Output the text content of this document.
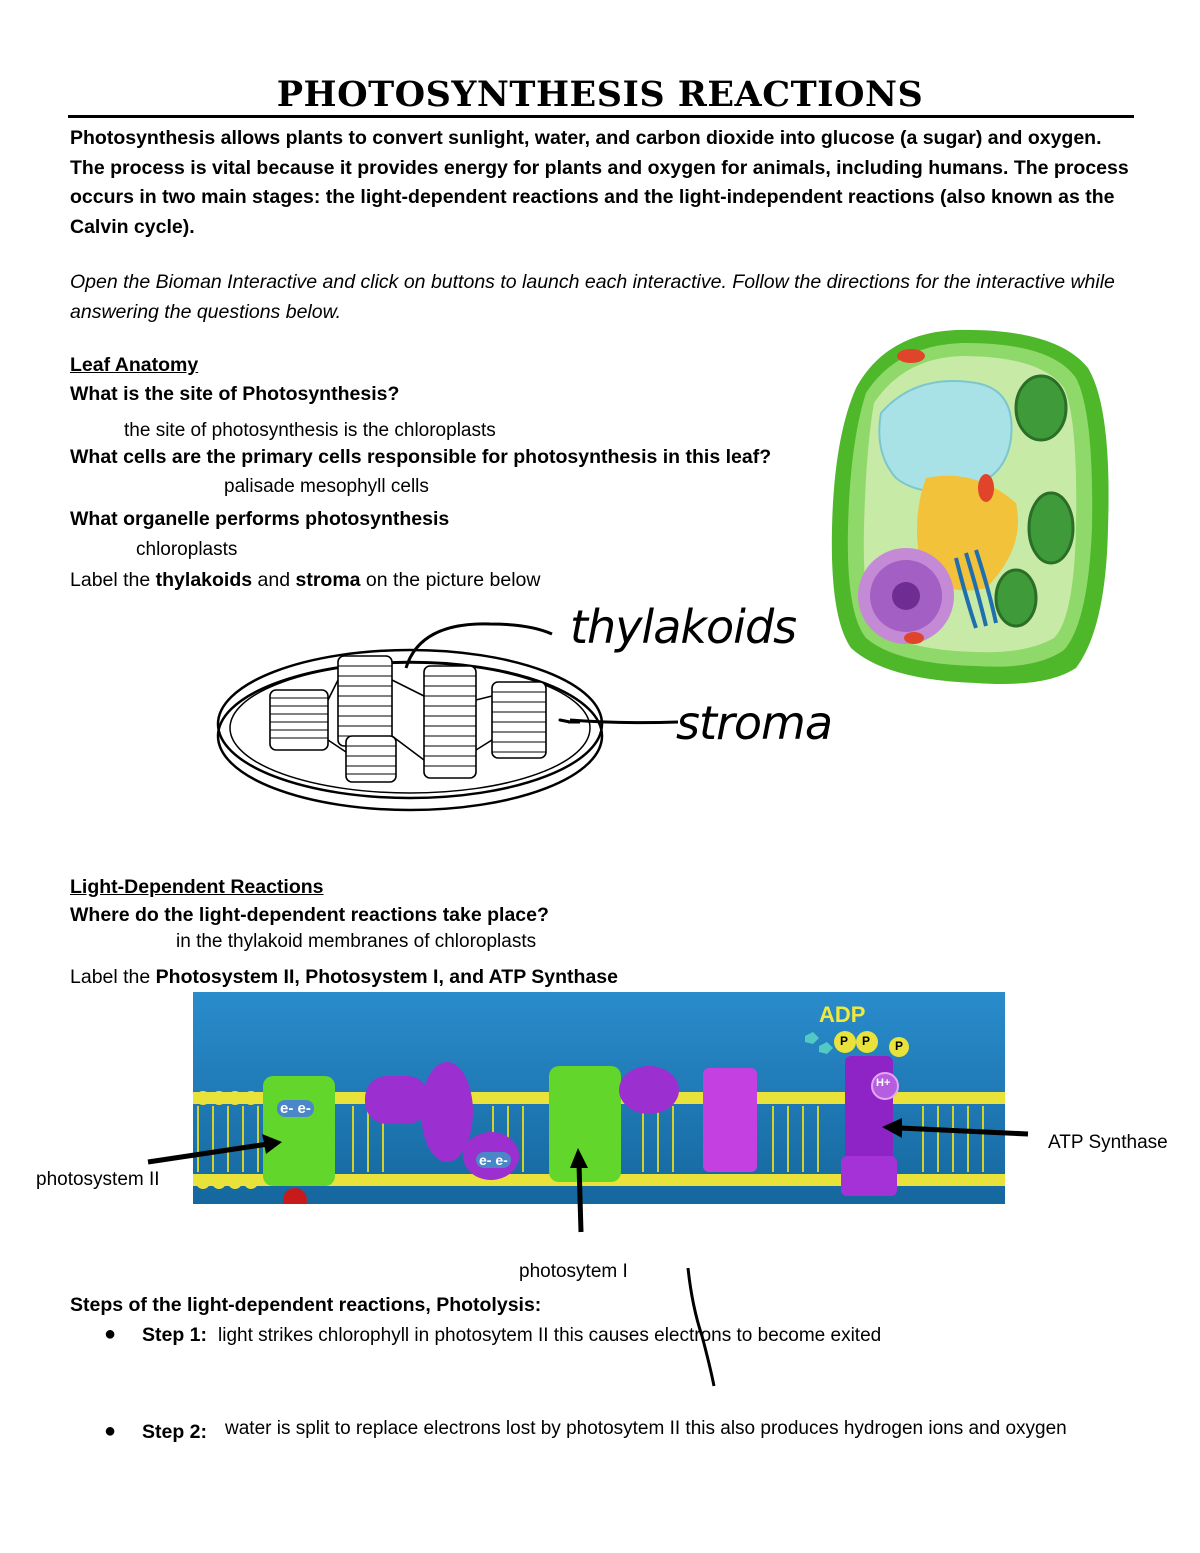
PHOTOSYNTHESIS REACTIONS
Photosynthesis allows plants to convert sunlight, water, and carbon dioxide into glucose (a sugar) and oxygen. The process is vital because it provides energy for plants and oxygen for animals, including humans. The process occurs in two main stages: the light-dependent reactions and the light-independent reactions (also known as the Calvin cycle).
Open the Bioman Interactive and click on buttons to launch each interactive. Follow the directions for the interactive while answering the questions below.
Leaf Anatomy
What is the site of Photosynthesis?
the site of photosynthesis is the chloroplasts
What cells are the primary cells responsible for photosynthesis in this leaf?
palisade mesophyll cells
What organelle performs photosynthesis
chloroplasts
Label the thylakoids and stroma on the picture below
thylakoids
stroma
Light-Dependent Reactions
Where do the light-dependent reactions take place?
in the thylakoid membranes of chloroplasts
Label the Photosystem II, Photosystem I, and ATP Synthase
ADP
P P P
H+
e- e-
e- e-
photosystem II
photosytem I
ATP Synthase
Steps of the light-dependent reactions, Photolysis:
● Step 1: light strikes chlorophyll in photosytem II this causes electrons to become exited
● Step 2: water is split to replace electrons lost by photosytem II this also produces hydrogen ions and oxygen
